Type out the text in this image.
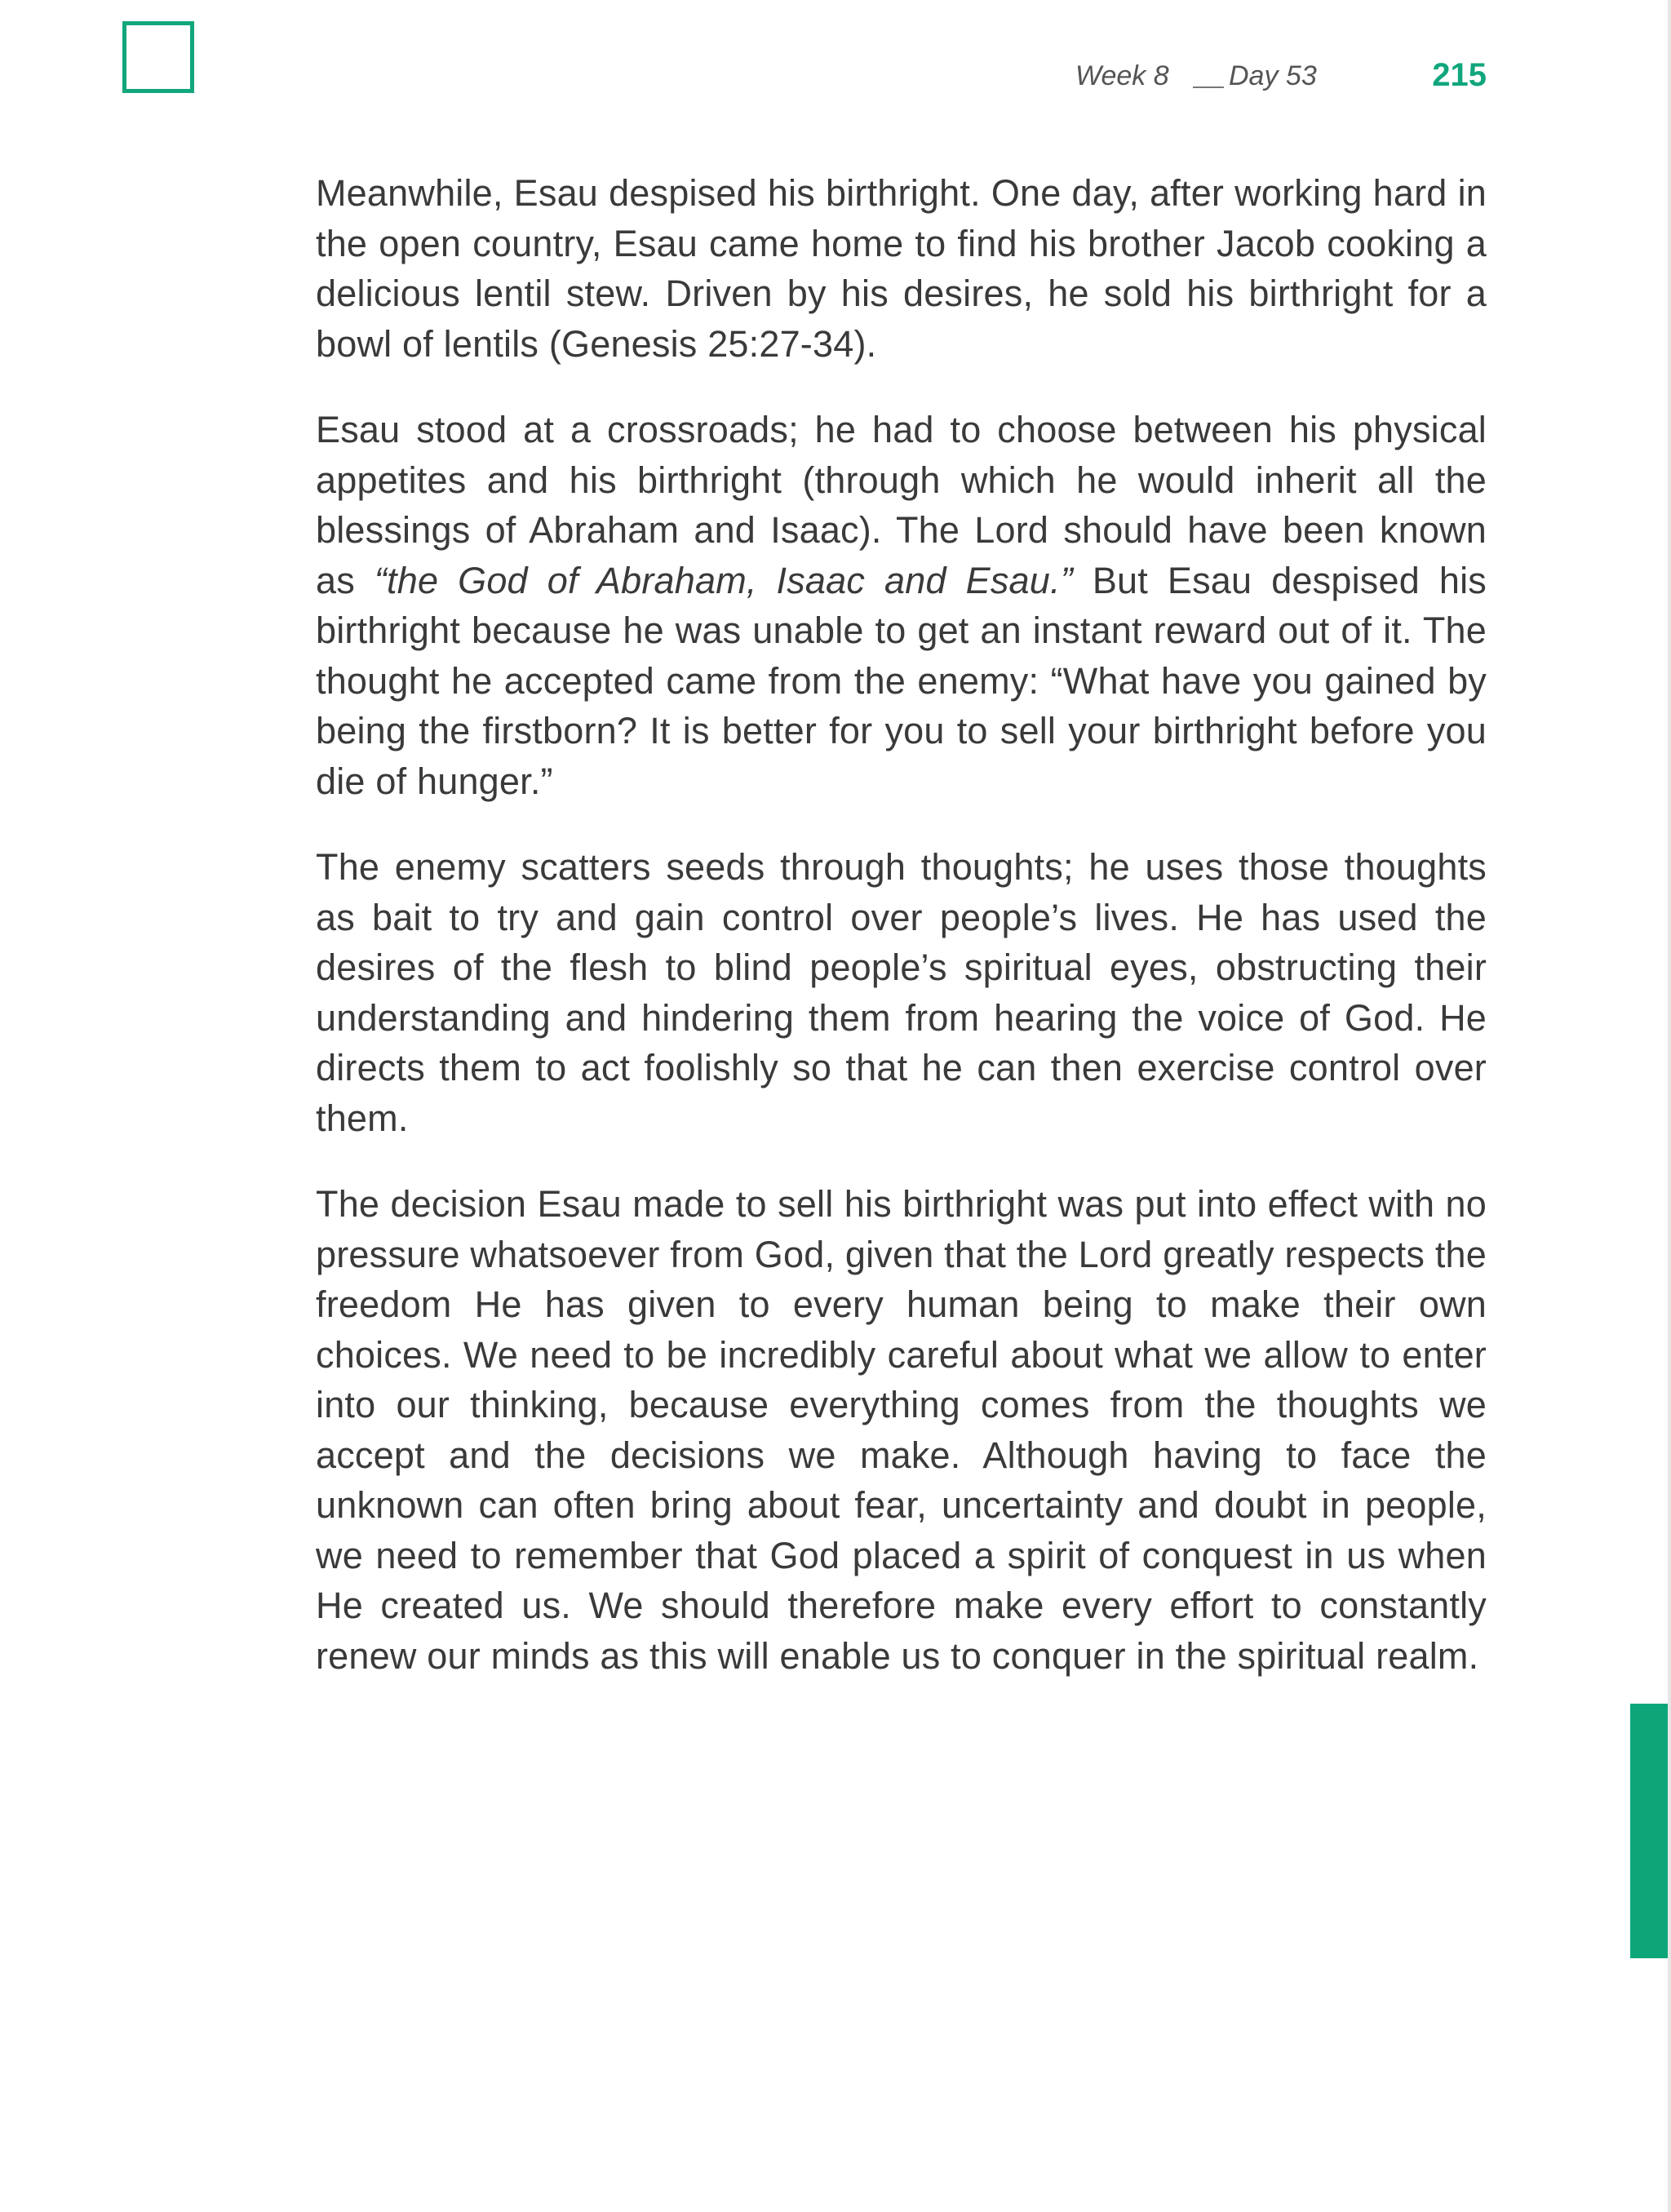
Week 8 Day 53	215

Meanwhile, Esau despised his birthright. One day, after working hard in the open country, Esau came home to find his brother Jacob cooking a delicious lentil stew. Driven by his desires, he sold his birthright for a bowl of lentils (Genesis 25:27-34).

Esau stood at a crossroads; he had to choose between his physical appetites and his birthright (through which he would inherit all the blessings of Abraham and Isaac). The Lord should have been known as “the God of Abraham, Isaac and Esau.” But Esau despised his birthright because he was unable to get an instant reward out of it. The thought he accepted came from the enemy: “What have you gained by being the firstborn? It is better for you to sell your birthright before you die of hunger.”

The enemy scatters seeds through thoughts; he uses those thoughts as bait to try and gain control over people’s lives. He has used the desires of the flesh to blind people’s spiritual eyes, obstructing their understanding and hindering them from hearing the voice of God. He directs them to act foolishly so that he can then exercise control over them.

The decision Esau made to sell his birthright was put into effect with no pressure whatsoever from God, given that the Lord greatly respects the freedom He has given to every human being to make their own choices. We need to be incredibly careful about what we allow to enter into our thinking, because everything comes from the thoughts we accept and the decisions we make. Although having to face the unknown can often bring about fear, uncertainty and doubt in people, we need to remember that God placed a spirit of conquest in us when He created us. We should therefore make every effort to constantly renew our minds as this will enable us to conquer in the spiritual realm.
